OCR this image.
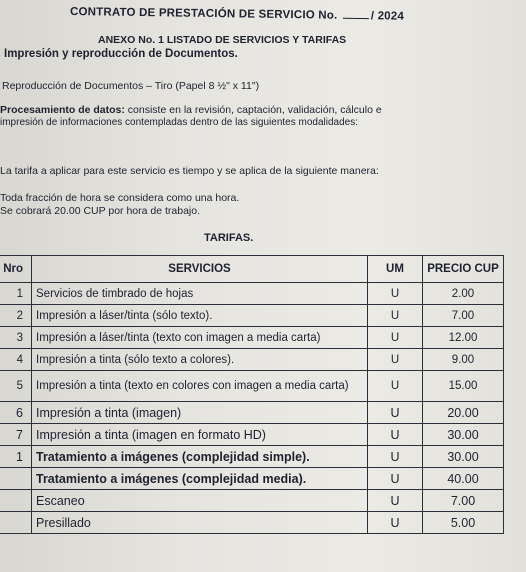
CONTRATO DE PRESTACIÓN DE SERVICIO No.	/ 2024
ANEXO No. 1 LISTADO DE SERVICIOS Y TARIFAS
Impresión y reproducción de Documentos.
Reproducción de Documentos – Tiro (Papel 8 ½" x 11")
Procesamiento de datos: consiste en la revisión, captación, validación, cálculo e
impresión de informaciones contempladas dentro de las siguientes modalidades:
La tarifa a aplicar para este servicio es tiempo y se aplica de la siguiente manera:
Toda fracción de hora se considera como una hora.
Se cobrará 20.00 CUP por hora de trabajo.
TARIFAS.
Nro	SERVICIOS	UM	PRECIO CUP
1	Servicios de timbrado de hojas	U	2.00
2	Impresión a láser/tinta (sólo texto).	U	7.00
3	Impresión a láser/tinta (texto con imagen a media carta)	U	12.00
4	Impresión a tinta (sólo texto a colores).	U	9.00
5	Impresión a tinta (texto en colores con imagen a media carta)	U	15.00
6	Impresión a tinta (imagen)	U	20.00
7	Impresión a tinta (imagen en formato HD)	U	30.00
1	Tratamiento a imágenes (complejidad simple).	U	30.00
	Tratamiento a imágenes (complejidad media).	U	40.00
	Escaneo	U	7.00
	Presillado	U	5.00
